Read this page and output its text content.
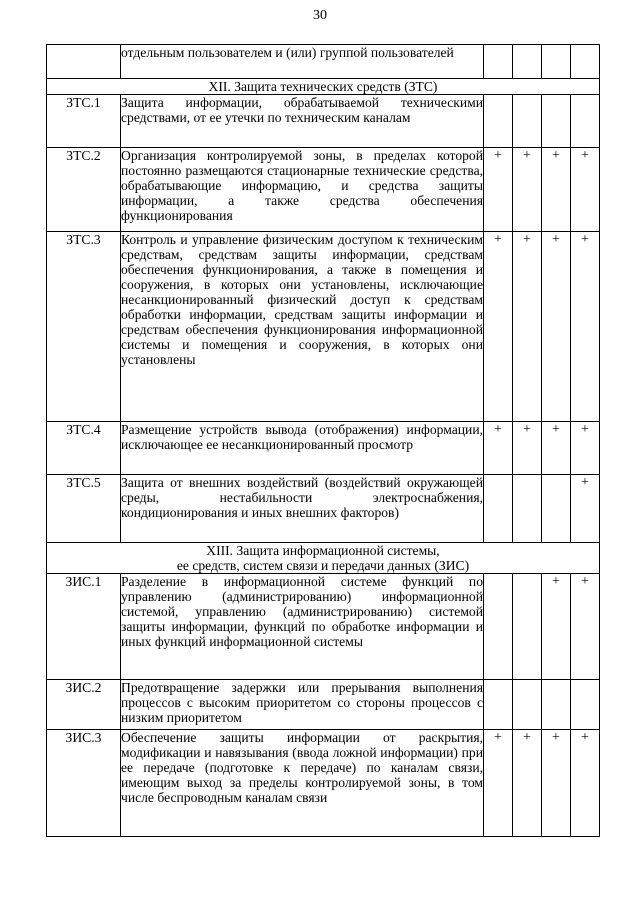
30
	отдельным пользователем и (или) группой пользователей				
XII. Защита технических средств (ЗТС)					
ЗТС.1	Защита информации, обрабатываемой техническими средствами, от ее утечки по техническим каналам				
ЗТС.2	Организация контролируемой зоны, в пределах которой постоянно размещаются стационарные технические средства, обрабатывающие информацию, и средства защиты информации, а также средства обеспечения функционирования	+	+	+	+
ЗТС.3	Контроль и управление физическим доступом к техническим средствам, средствам защиты информации, средствам обеспечения функционирования, а также в помещения и сооружения, в которых они установлены, исключающие несанкционированный физический доступ к средствам обработки информации, средствам защиты информации и средствам обеспечения функционирования информационной системы и помещения и сооружения, в которых они установлены	+	+	+	+
ЗТС.4	Размещение устройств вывода (отображения) информации, исключающее ее несанкционированный просмотр	+	+	+	+
ЗТС.5	Защита от внешних воздействий (воздействий окружающей среды, нестабильности электроснабжения, кондиционирования и иных внешних факторов)				+
XIII. Защита информационной системы,
ее средств, систем связи и передачи данных (ЗИС)					
ЗИС.1	Разделение в информационной системе функций по управлению (администрированию) информационной системой, управлению (администрированию) системой защиты информации, функций по обработке информации и иных функций информационной системы			+	+
ЗИС.2	Предотвращение задержки или прерывания выполнения процессов с высоким приоритетом со стороны процессов с низким приоритетом				
ЗИС.3	Обеспечение защиты информации от раскрытия, модификации и навязывания (ввода ложной информации) при ее передаче (подготовке к передаче) по каналам связи, имеющим выход за пределы контролируемой зоны, в том числе беспроводным каналам связи	+	+	+	+
